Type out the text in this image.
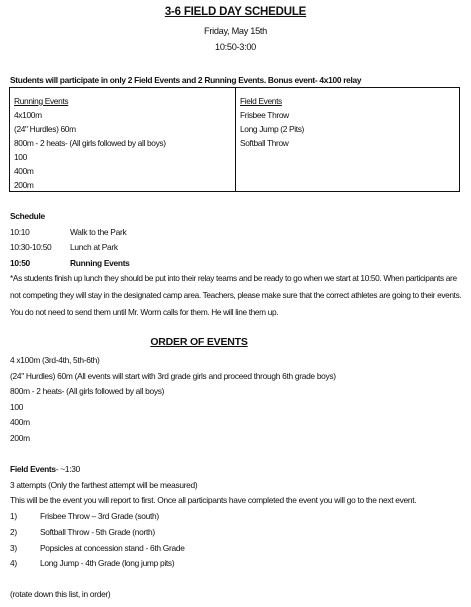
3-6 FIELD DAY SCHEDULE
Friday, May 15th
10:50-3:00
Students will participate in only 2 Field Events and 2 Running Events. Bonus event- 4x100 relay
Running Events
4x100m
(24" Hurdles) 60m
800m - 2 heats- (All girls followed by all boys)
100
400m
200m
Field Events
Frisbee Throw
Long Jump (2 Pits)
Softball Throw
Schedule
10:10	Walk to the Park
10:30-10:50 Lunch at Park
10:50	Running Events
*As students finish up lunch they should be put into their relay teams and be ready to go when we start at 10:50. When participants are not competing they will stay in the designated camp area. Teachers, please make sure that the correct athletes are going to their events. You do not need to send them until Mr. Worm calls for them. He will line them up.
ORDER OF EVENTS
4 x100m (3rd-4th, 5th-6th)
(24" Hurdles) 60m (All events will start with 3rd grade girls and proceed through 6th grade boys)
800m - 2 heats- (All girls followed by all boys)
100
400m
200m
Field Events- ~1:30
3 attempts (Only the farthest attempt will be measured)
This will be the event you will report to first. Once all participants have completed the event you will go to the next event.
1)	Frisbee Throw – 3rd Grade (south)
2)	Softball Throw - 5th Grade (north)
3)	Popsicles at concession stand - 6th Grade
4)	Long Jump - 4th Grade (long jump pits)
(rotate down this list, in order)
